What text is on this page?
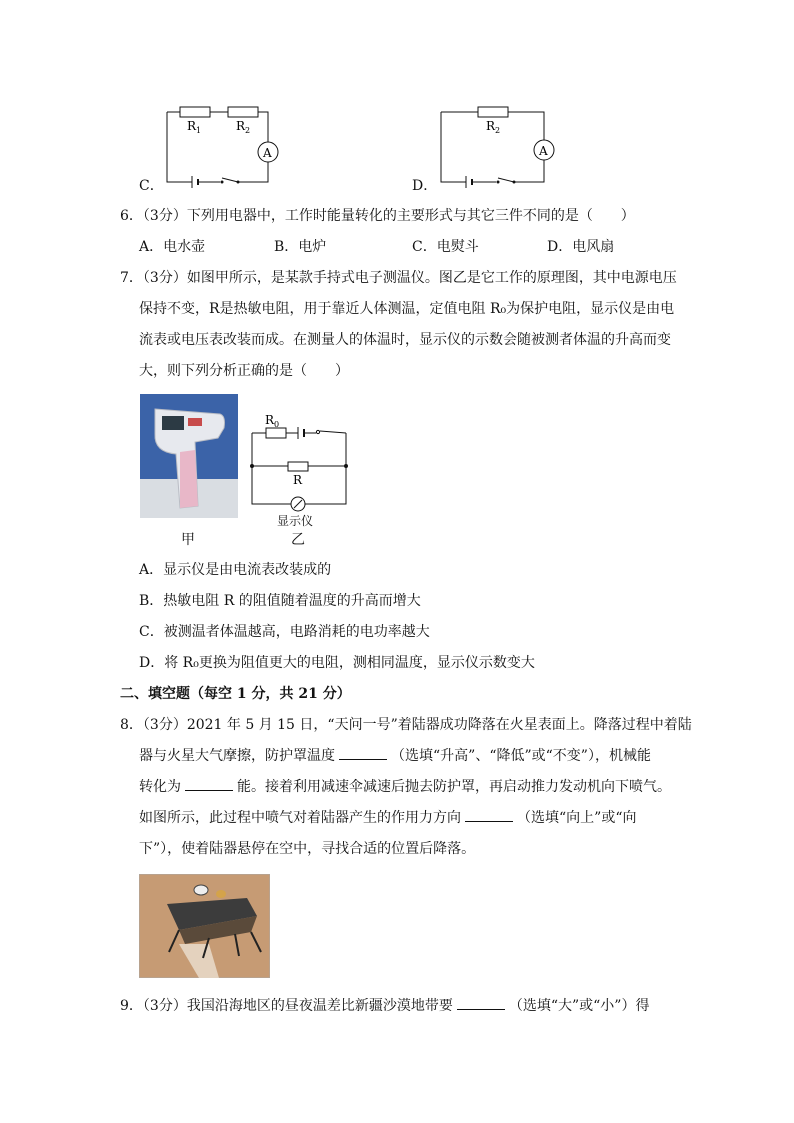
C．
A
R 1	R 2
D．
A
R 2
6．（3分）下列用电器中，工作时能量转化的主要形式与其它三件不同的是（　　）
A．电水壶	B．电炉	C．电熨斗	D．电风扇
7．（3分）如图甲所示，是某款手持式电子测温仪。图乙是它工作的原理图，其中电源电压
保持不变，R是热敏电阻，用于靠近人体测温，定值电阻 R₀为保护电阻，显示仪是由电
流表或电压表改装而成。在测量人的体温时，显示仪的示数会随被测者体温的升高而变
大，则下列分析正确的是（　　）
甲
R 0
R
显示仪
乙
A．显示仪是由电流表改装成的
B．热敏电阻 R 的阻值随着温度的升高而增大
C．被测温者体温越高，电路消耗的电功率越大
D．将 R₀更换为阻值更大的电阻，测相同温度，显示仪示数变大
二、填空题（每空 1 分，共 21 分）
8．（3分）2021 年 5 月 15 日，“天问一号”着陆器成功降落在火星表面上。降落过程中着陆
器与火星大气摩擦，防护罩温度	（选填“升高”、“降低”或“不变”），机械能
转化为	能。接着利用减速伞减速后抛去防护罩，再启动推力发动机向下喷气。
如图所示，此过程中喷气对着陆器产生的作用力方向	（选填“向上”或“向
下”），使着陆器悬停在空中，寻找合适的位置后降落。
9．（3分）我国沿海地区的昼夜温差比新疆沙漠地带要	（选填“大”或“小”）得
